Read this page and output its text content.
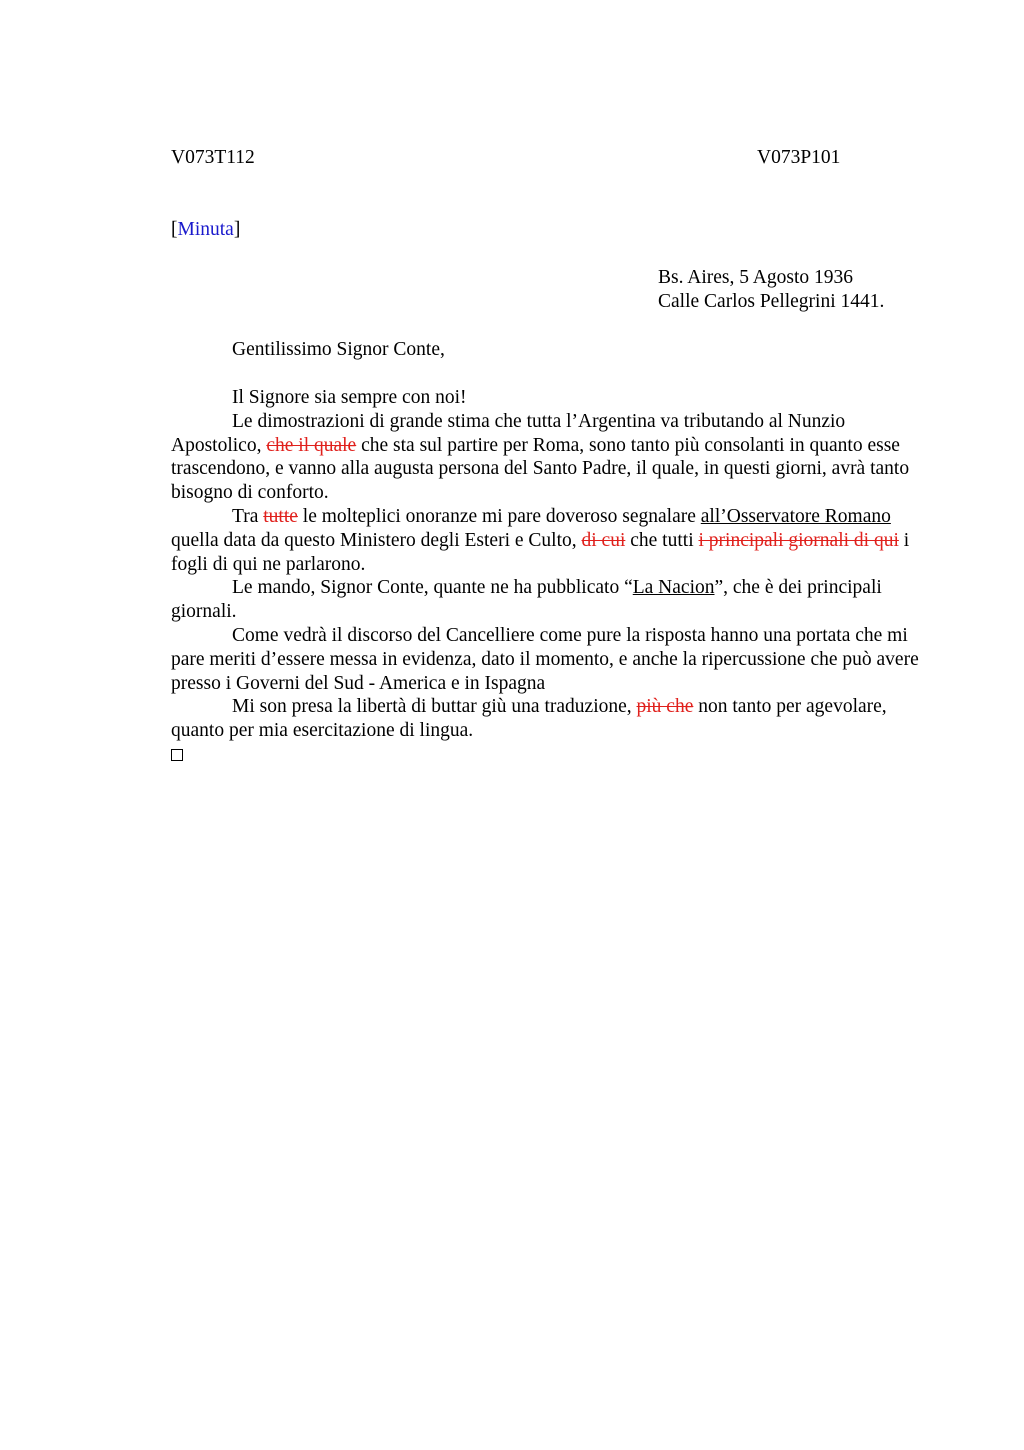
V073T112	V073P101
[Minuta]
Bs. Aires, 5 Agosto 1936
Calle Carlos Pellegrini 1441.
Gentilissimo Signor Conte,

Il Signore sia sempre con noi!

Le dimostrazioni di grande stima che tutta l’Argentina va tributando al Nunzio Apostolico, che il quale che sta sul partire per Roma, sono tanto più consolanti in quanto esse trascendono, e vanno alla augusta persona del Santo Padre, il quale, in questi giorni, avrà tanto bisogno di conforto.

Tra tutte le molteplici onoranze mi pare doveroso segnalare all’Osservatore Romano quella data da questo Ministero degli Esteri e Culto, di cui che tutti i principali giornali di qui i fogli di qui ne parlarono.

Le mando, Signor Conte, quante ne ha pubblicato “La Nacion”, che è dei principali giornali.

Come vedrà il discorso del Cancelliere come pure la risposta hanno una portata che mi pare meriti d’essere messa in evidenza, dato il momento, e anche la ripercussione che può avere presso i Governi del Sud - America e in Ispagna

Mi son presa la libertà di buttar giù una traduzione, più che non tanto per agevolare, quanto per mia esercitazione di lingua.
